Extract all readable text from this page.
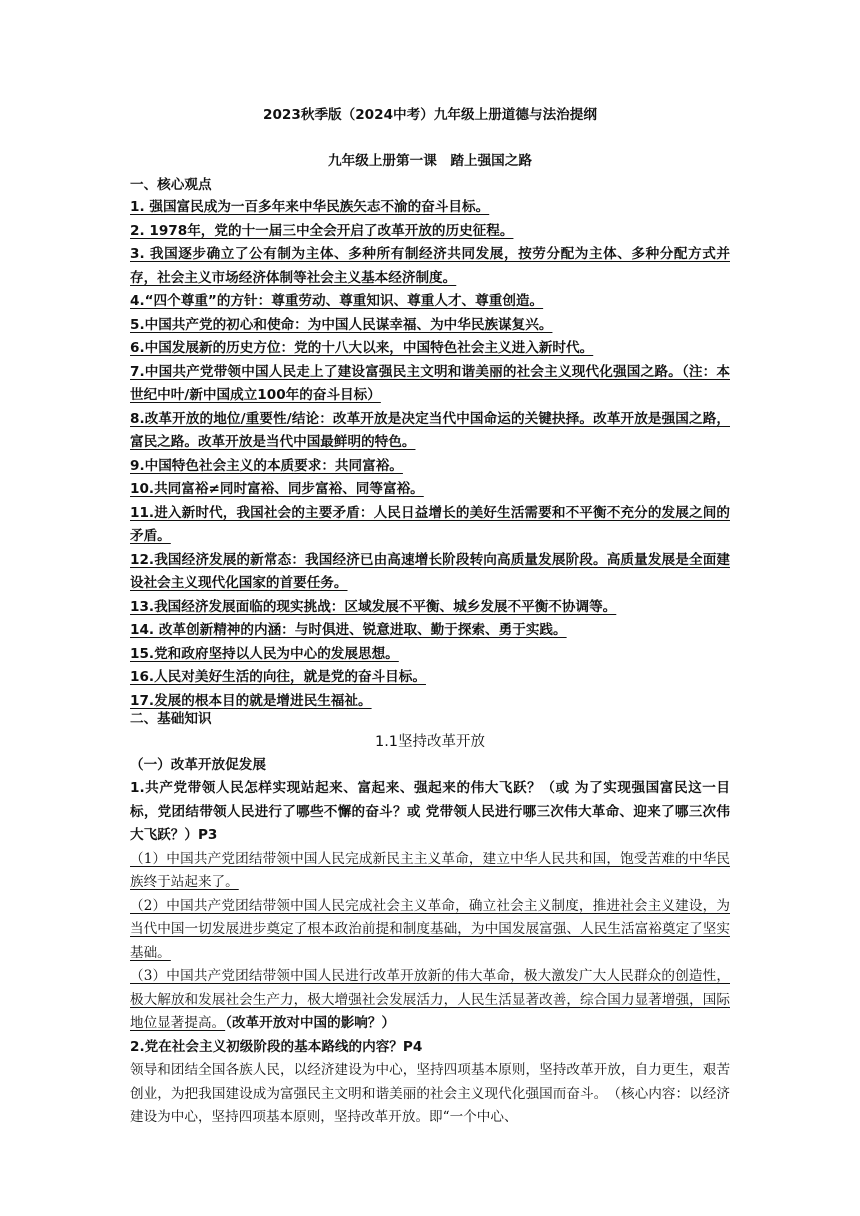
2023秋季版（2024中考）九年级上册道德与法治提纲
九年级上册第一课　踏上强国之路
一、核心观点

1. 强国富民成为一百多年来中华民族矢志不渝的奋斗目标。

2. 1978年，党的十一届三中全会开启了改革开放的历史征程。

3. 我国逐步确立了公有制为主体、多种所有制经济共同发展，按劳分配为主体、多种分配方式并存，社会主义市场经济体制等社会主义基本经济制度。

4.“四个尊重”的方针：尊重劳动、尊重知识、尊重人才、尊重创造。

5.中国共产党的初心和使命：为中国人民谋幸福、为中华民族谋复兴。

6.中国发展新的历史方位：党的十八大以来，中国特色社会主义进入新时代。

7.中国共产党带领中国人民走上了建设富强民主文明和谐美丽的社会主义现代化强国之路。（注：本世纪中叶/新中国成立100年的奋斗目标）

8.改革开放的地位/重要性/结论：改革开放是决定当代中国命运的关键抉择。改革开放是强国之路，富民之路。改革开放是当代中国最鲜明的特色。

9.中国特色社会主义的本质要求：共同富裕。

10.共同富裕≠同时富裕、同步富裕、同等富裕。

11.进入新时代，我国社会的主要矛盾：人民日益增长的美好生活需要和不平衡不充分的发展之间的矛盾。

12.我国经济发展的新常态：我国经济已由高速增长阶段转向高质量发展阶段。高质量发展是全面建设社会主义现代化国家的首要任务。

13.我国经济发展面临的现实挑战：区域发展不平衡、城乡发展不平衡不协调等。

14. 改革创新精神的内涵：与时俱进、锐意进取、勤于探索、勇于实践。

15.党和政府坚持以人民为中心的发展思想。

16.人民对美好生活的向往，就是党的奋斗目标。

17.发展的根本目的就是增进民生福祉。

二、基础知识
1.1坚持改革开放
（一）改革开放促发展

1.共产党带领人民怎样实现站起来、富起来、强起来的伟大飞跃？（或 为了实现强国富民这一目标，党团结带领人民进行了哪些不懈的奋斗？或 党带领人民进行哪三次伟大革命、迎来了哪三次伟大飞跃？）P3

（1）中国共产党团结带领中国人民完成新民主主义革命，建立中华人民共和国，饱受苦难的中华民族终于站起来了。

（2）中国共产党团结带领中国人民完成社会主义革命，确立社会主义制度，推进社会主义建设，为当代中国一切发展进步奠定了根本政治前提和制度基础，为中国发展富强、人民生活富裕奠定了坚实基础。

（3）中国共产党团结带领中国人民进行改革开放新的伟大革命，极大激发广大人民群众的创造性，极大解放和发展社会生产力，极大增强社会发展活力，人民生活显著改善，综合国力显著增强，国际地位显著提高。（改革开放对中国的影响？）

2.党在社会主义初级阶段的基本路线的内容？P4

领导和团结全国各族人民，以经济建设为中心，坚持四项基本原则，坚持改革开放，自力更生，艰苦创业，为把我国建设成为富强民主文明和谐美丽的社会主义现代化强国而奋斗。　（核心内容：以经济建设为中心，坚持四项基本原则，坚持改革开放。即“一个中心、
